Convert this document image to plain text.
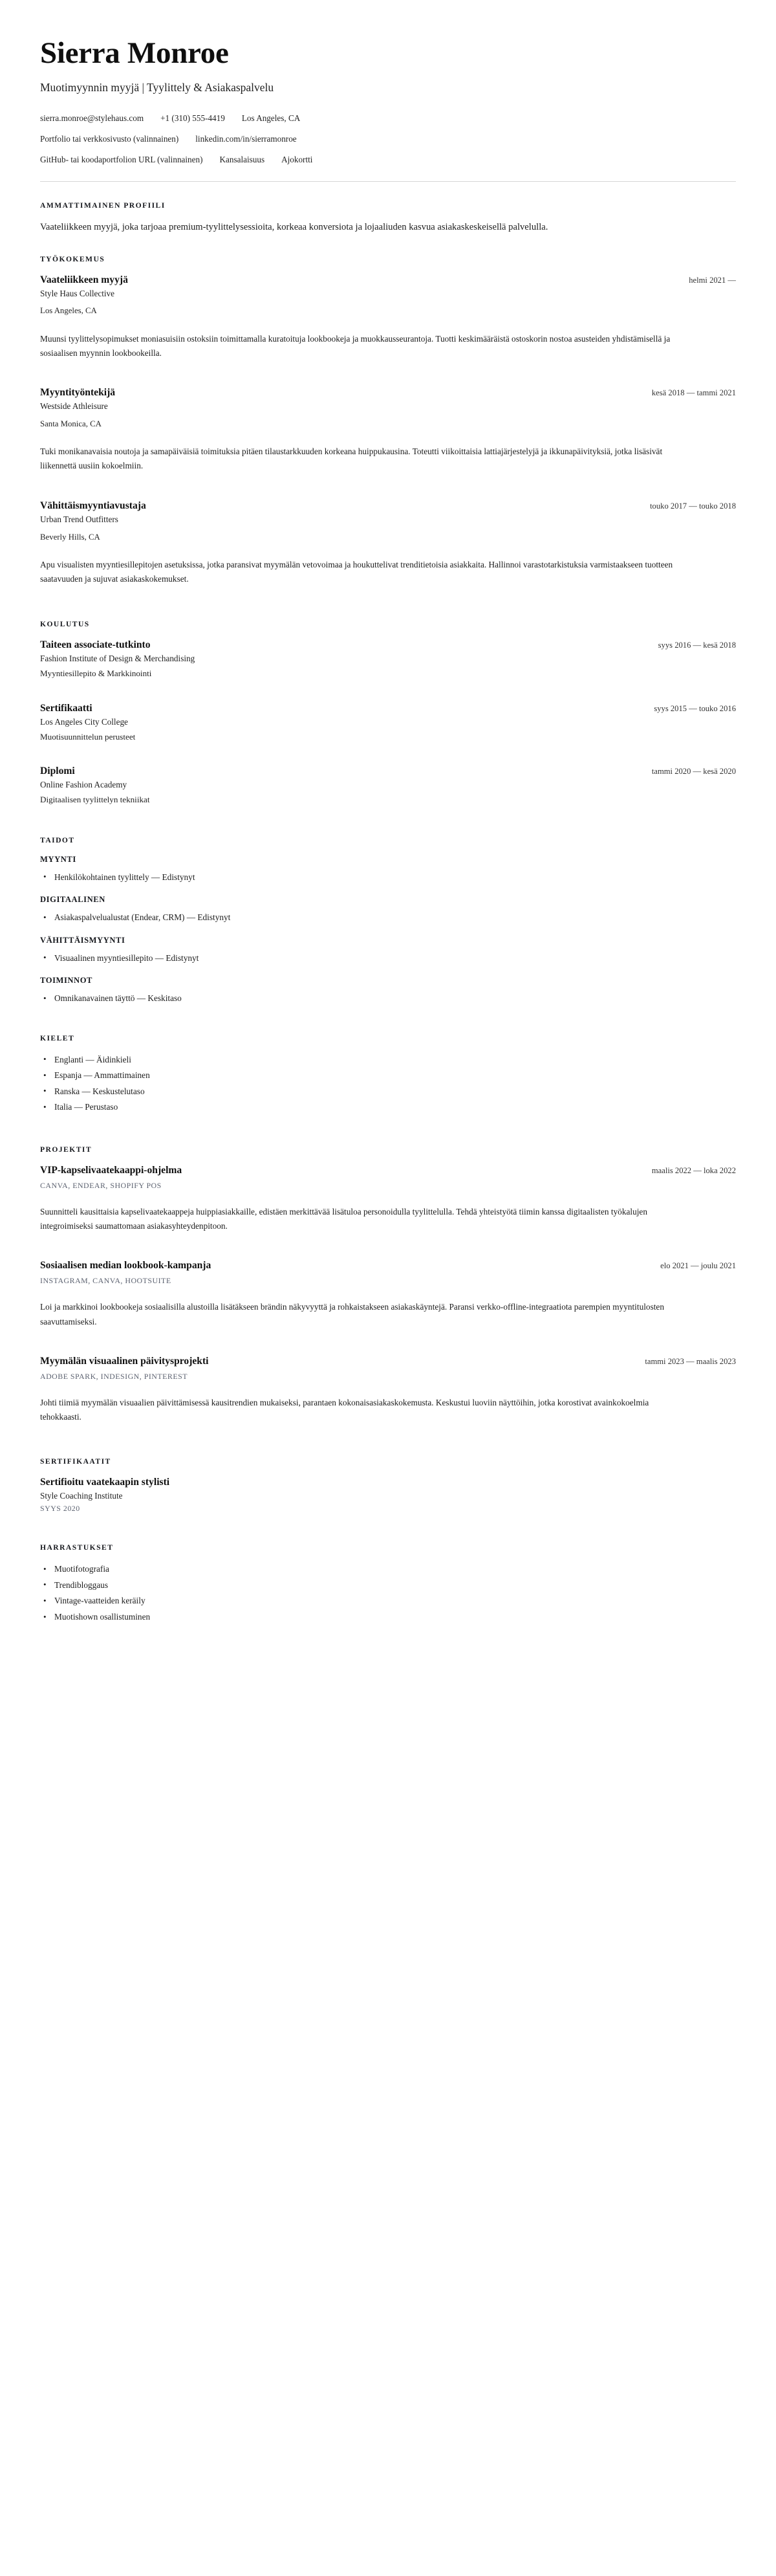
Sierra Monroe
Muotimyynnin myyjä | Tyylittely & Asiakaspalvelu
sierra.monroe@stylehaus.com +1 (310) 555-4419 Los Angeles, CA
Portfolio tai verkkosivusto (valinnainen) linkedin.com/in/sierramonroe
GitHub- tai koodaportfolion URL (valinnainen) Kansalaisuus Ajokortti
AMMATTIMAINEN PROFIILI

Vaateliikkeen myyjä, joka tarjoaa premium-tyylittelysessioita, korkeaa konversiota ja lojaaliuden kasvua asiakaskeskeisellä palvelulla.

TYÖKOKEMUS
Vaateliikkeen myyjä	helmi 2021 —
Style Haus Collective
Los Angeles, CA
Muunsi tyylittelysopimukset moniasuisiin ostoksiin toimittamalla kuratoituja lookbookeja ja muokkausseurantoja. Tuotti keskimääräistä ostoskorin nostoa asusteiden yhdistämisellä ja sosiaalisen myynnin lookbookeilla.
Myyntityöntekijä	kesä 2018 — tammi 2021
Westside Athleisure
Santa Monica, CA
Tuki monikanavaisia noutoja ja samapäiväisiä toimituksia pitäen tilaustarkkuuden korkeana huippukausina. Toteutti viikoittaisia lattiajärjestelyjä ja ikkunapäivityksiä, jotka lisäsivät liikennettä uusiin kokoelmiin.
Vähittäismyyntiavustaja	touko 2017 — touko 2018
Urban Trend Outfitters
Beverly Hills, CA
Apu visualisten myyntiesillepitojen asetuksissa, jotka paransivat myymälän vetovoimaa ja houkuttelivat trenditietoisia asiakkaita. Hallinnoi varastotarkistuksia varmistaakseen tuotteen saatavuuden ja sujuvat asiakaskokemukset.
KOULUTUS
Taiteen associate-tutkinto	syys 2016 — kesä 2018
Fashion Institute of Design & Merchandising
Myyntiesillepito & Markkinointi
Sertifikaatti	syys 2015 — touko 2016
Los Angeles City College
Muotisuunnittelun perusteet
Diplomi	tammi 2020 — kesä 2020
Online Fashion Academy
Digitaalisen tyylittelyn tekniikat
TAIDOT
MYYNTI
• Henkilökohtainen tyylittely — Edistynyt
DIGITAALINEN
• Asiakaspalvelualustat (Endear, CRM) — Edistynyt
VÄHITTÄISMYYNTI
• Visuaalinen myyntiesillepito — Edistynyt
TOIMINNOT
• Omnikanavainen täyttö — Keskitaso
KIELET
• Englanti — Äidinkieli
• Espanja — Ammattimainen
• Ranska — Keskustelutaso
• Italia — Perustaso
PROJEKTIT
VIP-kapselivaatekaappi-ohjelma	maalis 2022 — loka 2022
CANVA, ENDEAR, SHOPIFY POS
Suunnitteli kausittaisia kapselivaatekaappeja huippiasiakkaille, edistäen merkittävää lisätuloa personoidulla tyylittelulla. Tehdä yhteistyötä tiimin kanssa digitaalisten työkalujen integroimiseksi saumattomaan asiakasyhteydenpitoon.
Sosiaalisen median lookbook-kampanja	elo 2021 — joulu 2021
INSTAGRAM, CANVA, HOOTSUITE
Loi ja markkinoi lookbookeja sosiaalisilla alustoilla lisätäkseen brändin näkyvyyttä ja rohkaistakseen asiakaskäyntejä. Paransi verkko-offline-integraatiota parempien myyntitulosten saavuttamiseksi.
Myymälän visuaalinen päivitysprojekti	tammi 2023 — maalis 2023
ADOBE SPARK, INDESIGN, PINTEREST
Johti tiimiä myymälän visuaalien päivittämisessä kausitrendien mukaiseksi, parantaen kokonaisasiakaskokemusta. Keskustui luoviin näyttöihin, jotka korostivat avainkokoelmia tehokkaasti.
SERTIFIKAATIT
Sertifioitu vaatekaapin stylisti
Style Coaching Institute
SYYS 2020
HARRASTUKSET
• Muotifotografia
• Trendibloggaus
• Vintage-vaatteiden keräily
• Muotishown osallistuminen
